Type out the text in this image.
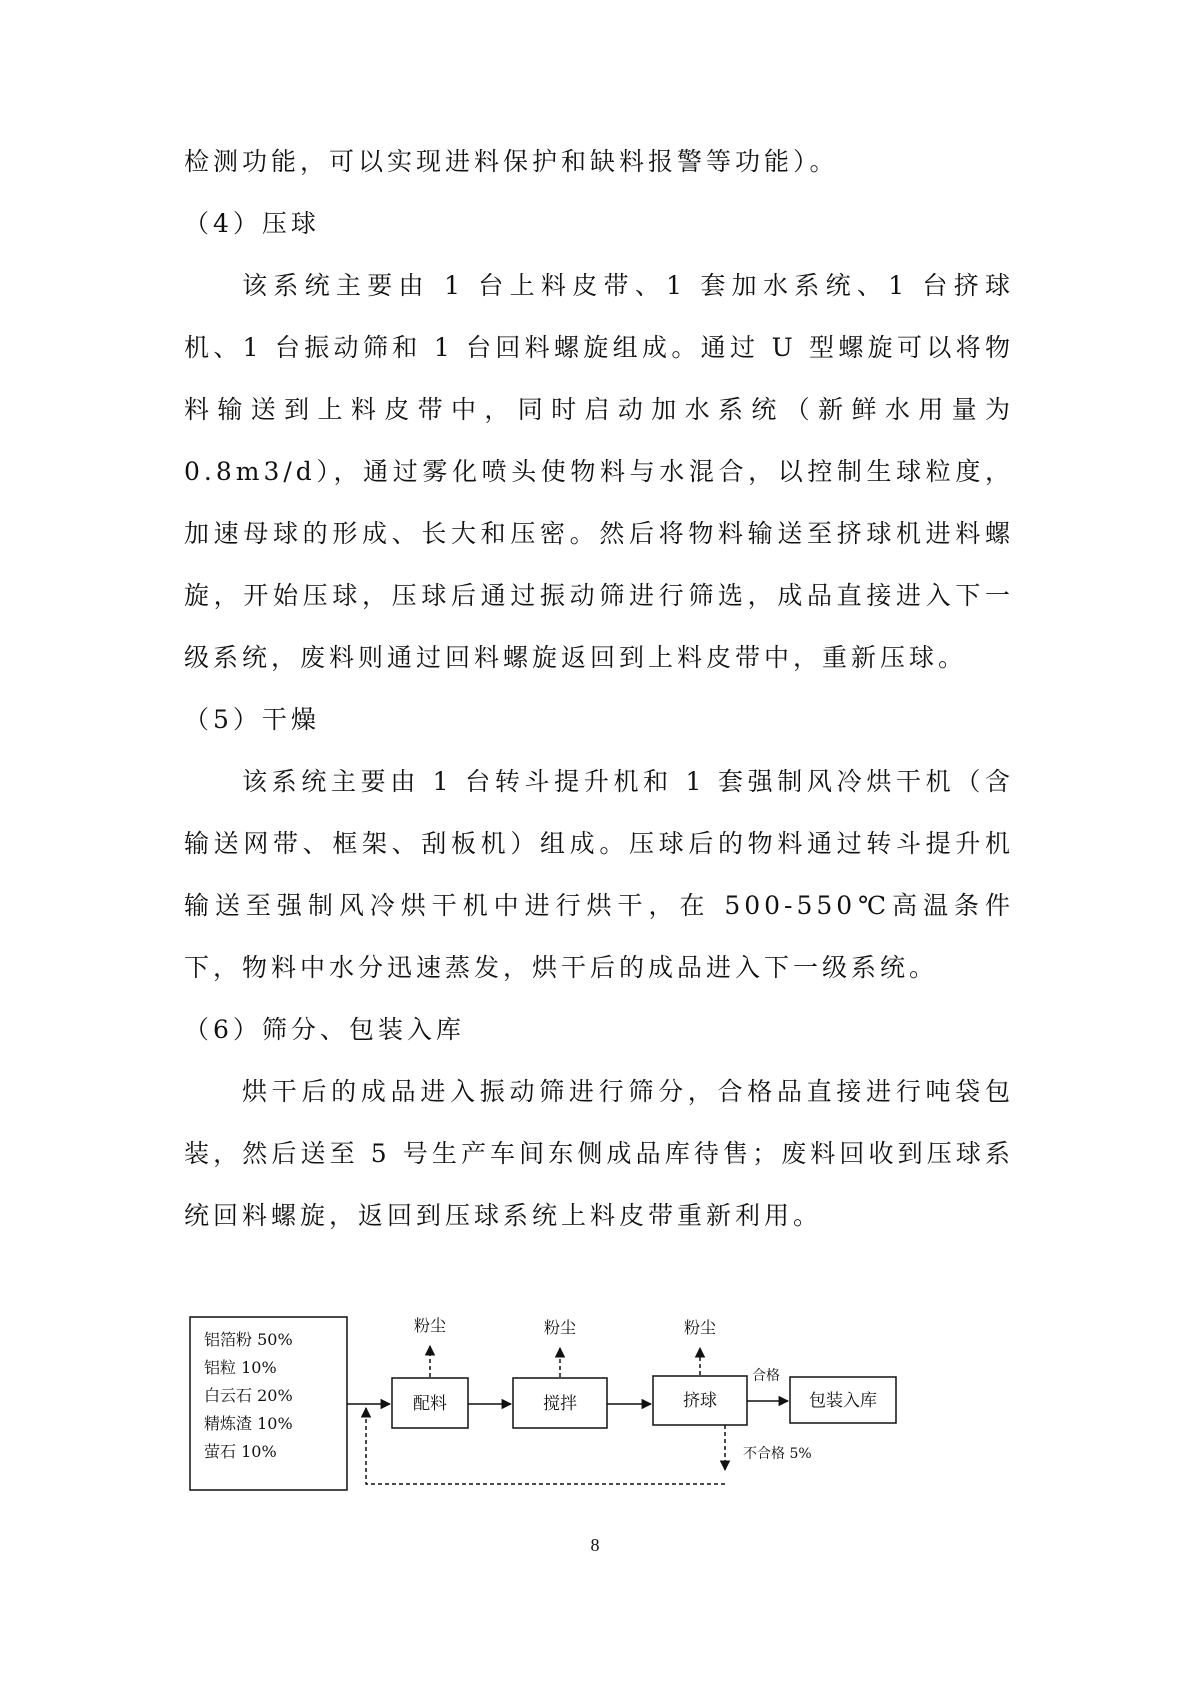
检测功能，可以实现进料保护和缺料报警等功能）。

（4）压球

该系统主要由 1 台上料皮带、1 套加水系统、1 台挤球机、1 台振动筛和 1 台回料螺旋组成。通过 U 型螺旋可以将物料输送到上料皮带中，同时启动加水系统（新鲜水用量为 0.8m3/d），通过雾化喷头使物料与水混合，以控制生球粒度，加速母球的形成、长大和压密。然后将物料输送至挤球机进料螺旋，开始压球，压球后通过振动筛进行筛选，成品直接进入下一级系统，废料则通过回料螺旋返回到上料皮带中，重新压球。

（5）干燥

该系统主要由 1 台转斗提升机和 1 套强制风冷烘干机（含输送网带、框架、刮板机）组成。压球后的物料通过转斗提升机输送至强制风冷烘干机中进行烘干，在 500-550℃高温条件下，物料中水分迅速蒸发，烘干后的成品进入下一级系统。

（6）筛分、包装入库

烘干后的成品进入振动筛进行筛分，合格品直接进行吨袋包装，然后送至 5 号生产车间东侧成品库待售；废料回收到压球系统回料螺旋，返回到压球系统上料皮带重新利用。

铝箔粉 50%
铝粒 10%
白云石 20%
精炼渣 10%
萤石 10%
配料	搅拌	挤球	包装入库
合格
粉尘	粉尘	粉尘
不合格 5%
8
